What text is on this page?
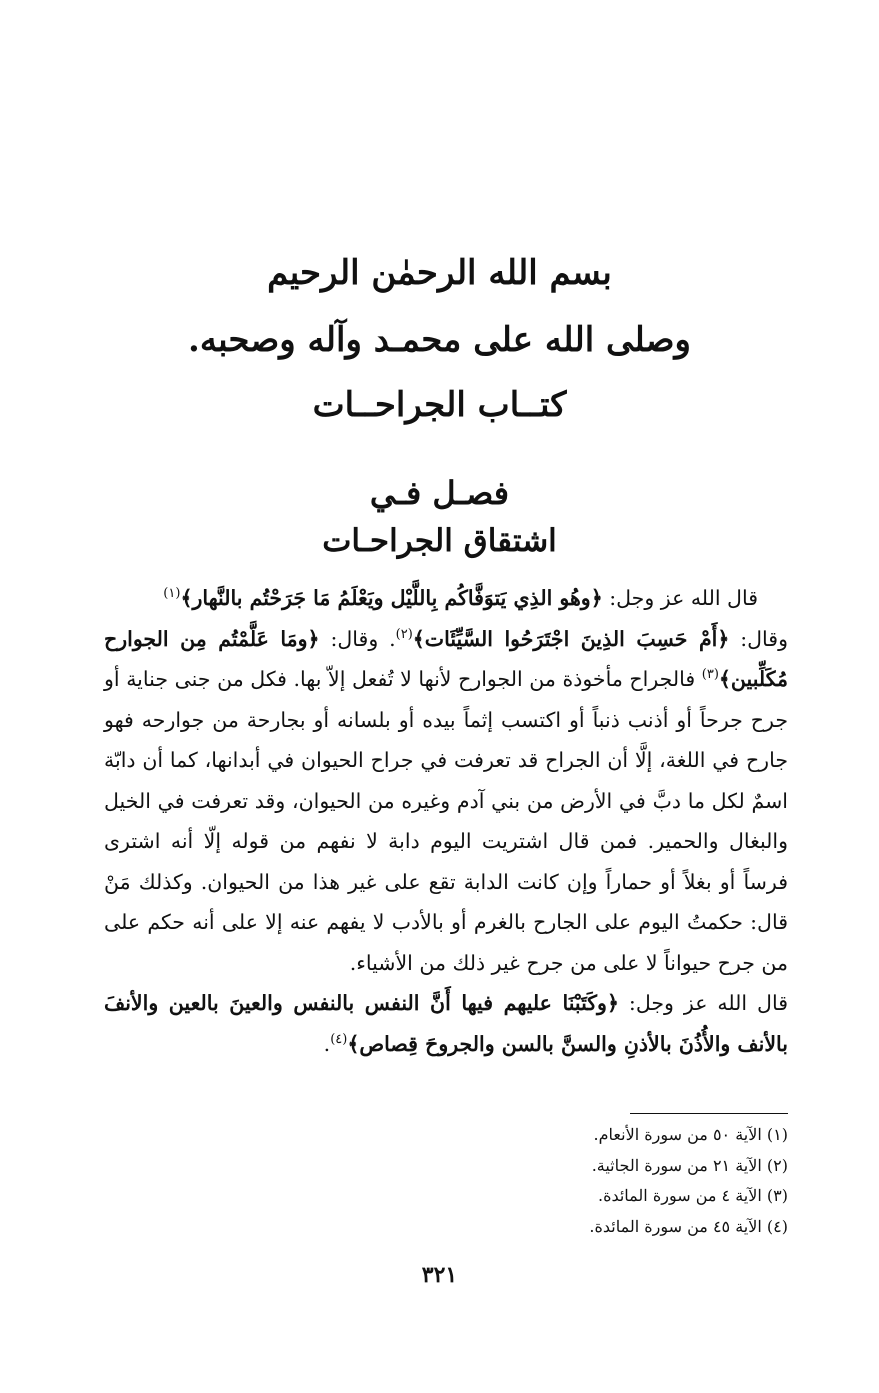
بسم الله الرحمٰن الرحيم
وصلى الله على محمـد وآله وصحبه.
كتــاب الجراحــات
فصـل فـي
اشتقاق الجراحـات

قال الله عز وجل: ﴿وهُو الذِي يَتوَفَّاكُم بِاللَّيْل ويَعْلَمُ مَا جَرَحْتُم بالنَّهار﴾$^{(١)}$

وقال: ﴿أَمْ حَسِبَ الذِينَ اجْتَرَحُوا السَّيِّئَات﴾$^{(٢)}$. وقال: ﴿ومَا عَلَّمْتُم مِن الجوارح مُكَلِّبين﴾$^{(٣)}$ فالجراح مأخوذة من الجوارح لأنها لا تُفعل إلاّ بها. فكل من جنى جناية أو جرح جرحاً أو أذنب ذنباً أو اكتسب إثماً بيده أو بلسانه أو بجارحة من جوارحه فهو جارح في اللغة، إلَّا أن الجراح قد تعرفت في جراح الحيوان في أبدانها، كما أن دابّة اسمٌ لكل ما دبَّ في الأرض من بني آدم وغيره من الحيوان، وقد تعرفت في الخيل والبغال والحمير. فمن قال اشتريت اليوم دابة لا نفهم من قوله إلّا أنه اشترى فرساً أو بغلاً أو حماراً وإن كانت الدابة تقع على غير هذا من الحيوان. وكذلك مَنْ قال: حكمتُ اليوم على الجارح بالغرم أو بالأدب لا يفهم عنه إلا على أنه حكم على من جرح حيواناً لا على من جرح غير ذلك من الأشياء.

قال الله عز وجل: ﴿وكَتَبْنَا عليهم فيها أَنَّ النفس بالنفس والعينَ بالعين والأنفَ بالأنف والأُذُنَ بالأذنِ والسنَّ بالسن والجروحَ قِصاص﴾$^{(٤)}$.

(١) الآية ٥٠ من سورة الأنعام.
(٢) الآية ٢١ من سورة الجاثية.
(٣) الآية ٤ من سورة المائدة.
(٤) الآية ٤٥ من سورة المائدة.
٣٢١
